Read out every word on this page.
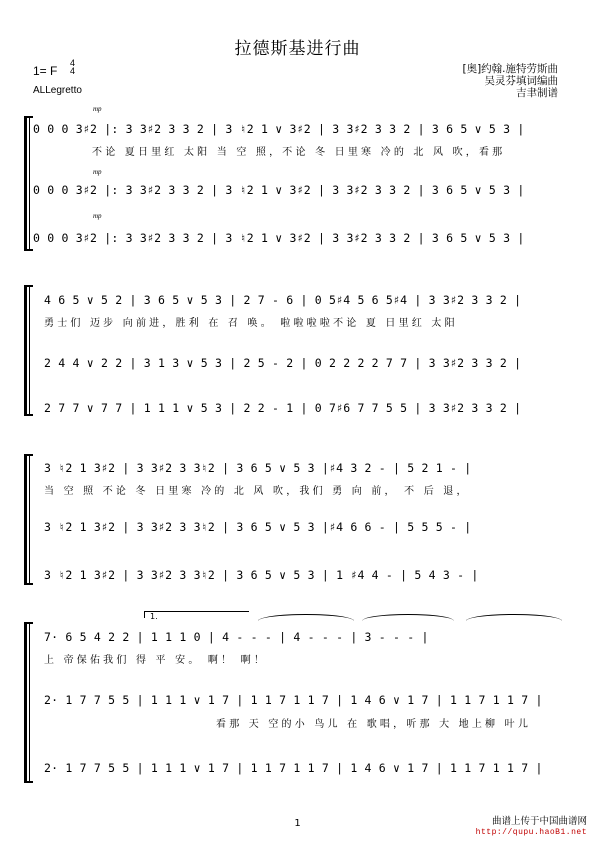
拉德斯基进行曲
1= F
4
4
ALLegretto
[奥]约翰.施特劳斯曲
吴灵芬填词编曲
吉聿制谱
mp
0 0 0 3♯2 |: 3 3♯2 3 3 2 | 3 ♮2 1 ∨ 3♯2 | 3 3♯2 3 3 2 | 3 6 5 ∨ 5 3 |
不论 夏日里红 太阳 当 空 照，不论 冬 日里寒 冷的 北 风 吹，看那
mp
0 0 0 3♯2 |: 3 3♯2 3 3 2 | 3 ♮2 1 ∨ 3♯2 | 3 3♯2 3 3 2 | 3 6 5 ∨ 5 3 |
mp
0 0 0 3♯2 |: 3 3♯2 3 3 2 | 3 ♮2 1 ∨ 3♯2 | 3 3♯2 3 3 2 | 3 6 5 ∨ 5 3 |
4 6 5 ∨ 5 2 | 3 6 5 ∨ 5 3 | 2 7 - 6 | 0 5♯4 5 6 5♯4 | 3 3♯2 3 3 2 |
勇士们 迈步 向前进，胜利 在 召 唤。 啦啦啦啦不论 夏 日里红 太阳
2 4 4 ∨ 2 2 | 3 1 3 ∨ 5 3 | 2 5 - 2 | 0 2 2 2 2 7 7 | 3 3♯2 3 3 2 |
2 7 7 ∨ 7 7 | 1 1 1 ∨ 5 3 | 2 2 - 1 | 0 7♯6 7 7 5 5 | 3 3♯2 3 3 2 |
3 ♮2 1 3♯2 | 3 3♯2 3 3♮2 | 3 6 5 ∨ 5 3 |♯4 3 2 - | 5 2 1 - |
当 空 照 不论 冬 日里寒 冷的 北 风 吹，我们 勇 向 前， 不 后 退，
3 ♮2 1 3♯2 | 3 3♯2 3 3♮2 | 3 6 5 ∨ 5 3 |♯4 6 6 - | 5 5 5 - |
3 ♮2 1 3♯2 | 3 3♯2 3 3♮2 | 3 6 5 ∨ 5 3 | 1 ♯4 4 - | 5 4 3 - |
1.
7· 6 5 4 2 2 | 1 1 1 0 | 4 - - - | 4 - - - | 3 - - - |
上 帝保佑我们 得 平 安。 啊！ 啊！
2· 1 7 7 5 5 | 1 1 1 ∨ 1 7 | 1 1 7 1 1 7 | 1 4 6 ∨ 1 7 | 1 1 7 1 1 7 |
看那 天 空的小 鸟儿 在 歌唱，听那 大 地上柳 叶儿
2· 1 7 7 5 5 | 1 1 1 ∨ 1 7 | 1 1 7 1 1 7 | 1 4 6 ∨ 1 7 | 1 1 7 1 1 7 |
1	曲谱上传于中国曲谱网
http://qupu.haoB1.net
